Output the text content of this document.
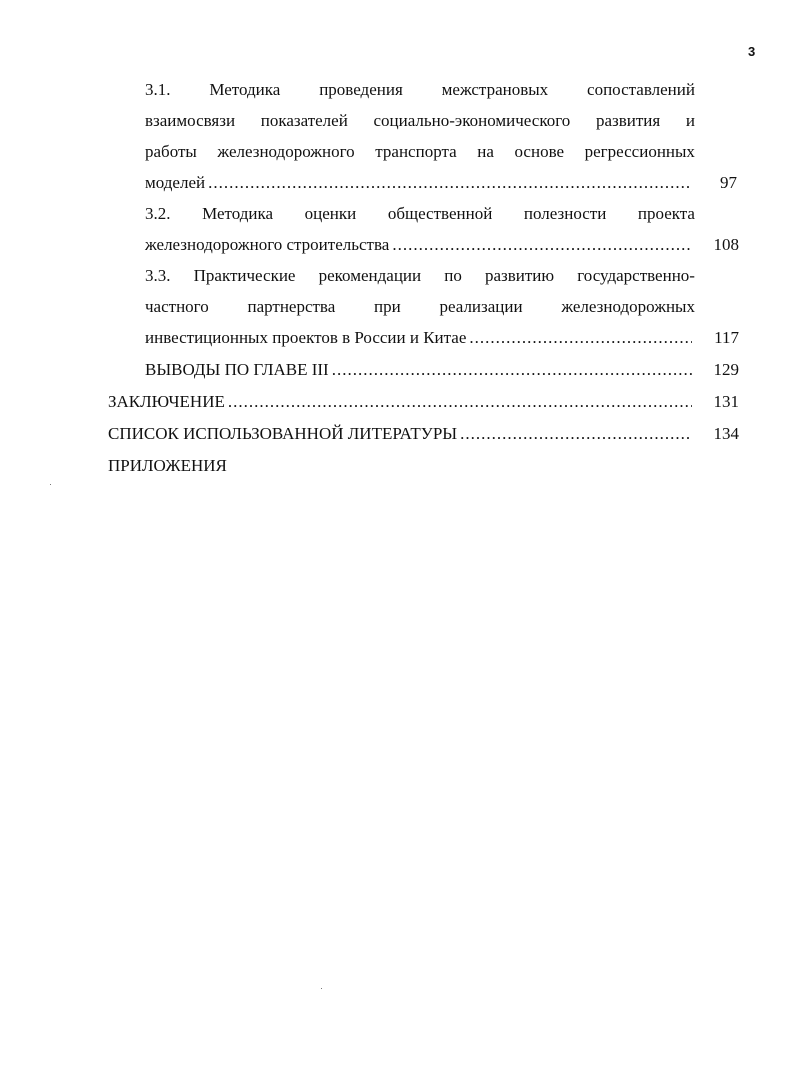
3
3.1. Методика проведения межстрановых сопоставлений
взаимосвязи показателей социально-экономического развития и
работы железнодорожного транспорта на основе регрессионных
моделей .....	97
3.2. Методика оценки общественной полезности проекта
железнодорожного строительства .....	108
3.3. Практические рекомендации по развитию государственно-
частного партнерства при реализации железнодорожных
инвестиционных проектов в России и Китае .....	117
ВЫВОДЫ ПО ГЛАВЕ III .....	129
ЗАКЛЮЧЕНИЕ .....	131
СПИСОК ИСПОЛЬЗОВАННОЙ ЛИТЕРАТУРЫ .....	134
ПРИЛОЖЕНИЯ
